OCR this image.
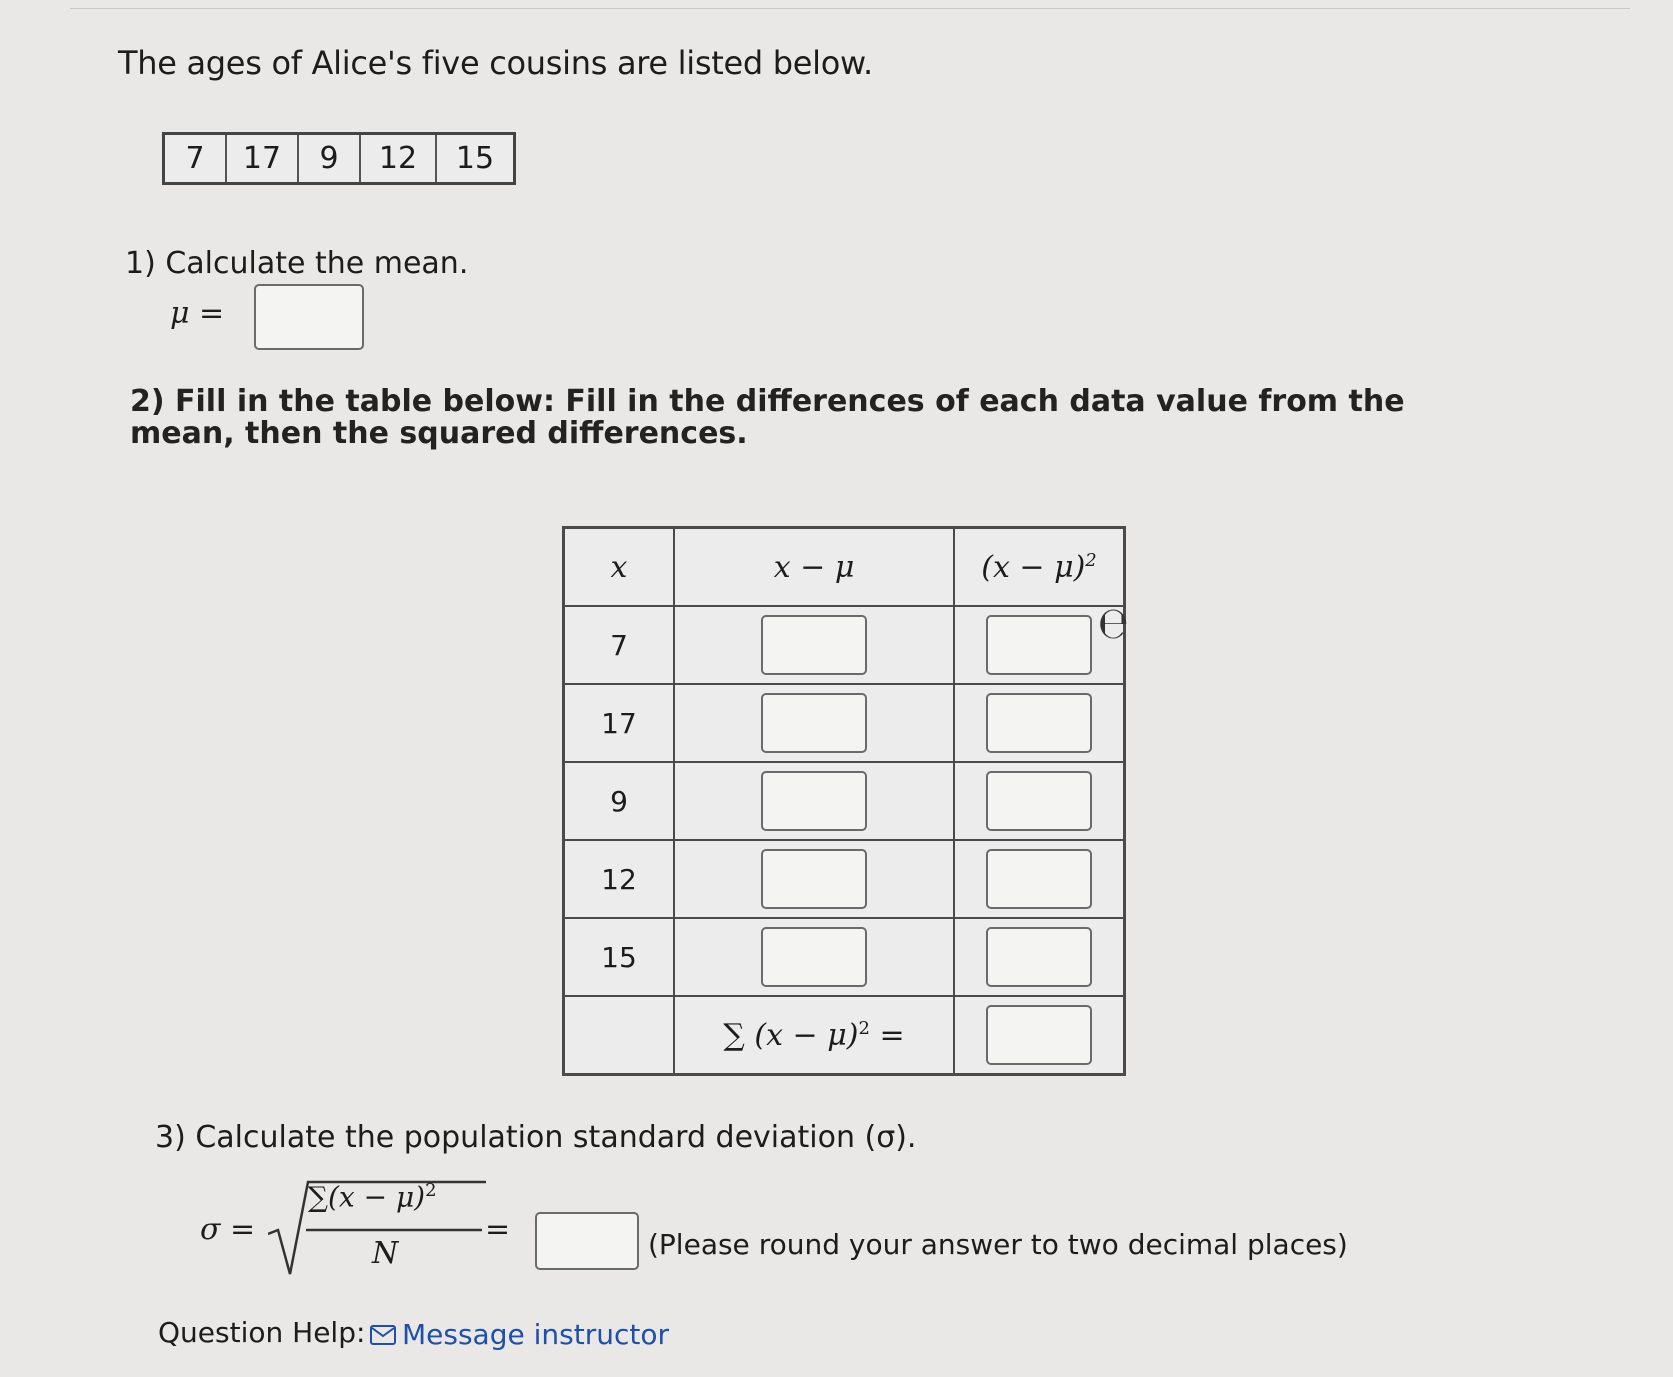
The ages of Alice's five cousins are listed below.
7	17	9	12	15
1) Calculate the mean.
μ =
2) Fill in the table below: Fill in the differences of each data value from the mean, then the squared differences.
x	x − μ	$(x - \mu)^2$
7		
17		
9		
12		
15		
	∑ $(x - \mu)^2$ =	
℮
3) Calculate the population standard deviation (σ).
σ =
$\sum(x - \mu)^2$
N
=	(Please round your answer to two decimal places)
Question Help: Message instructor
